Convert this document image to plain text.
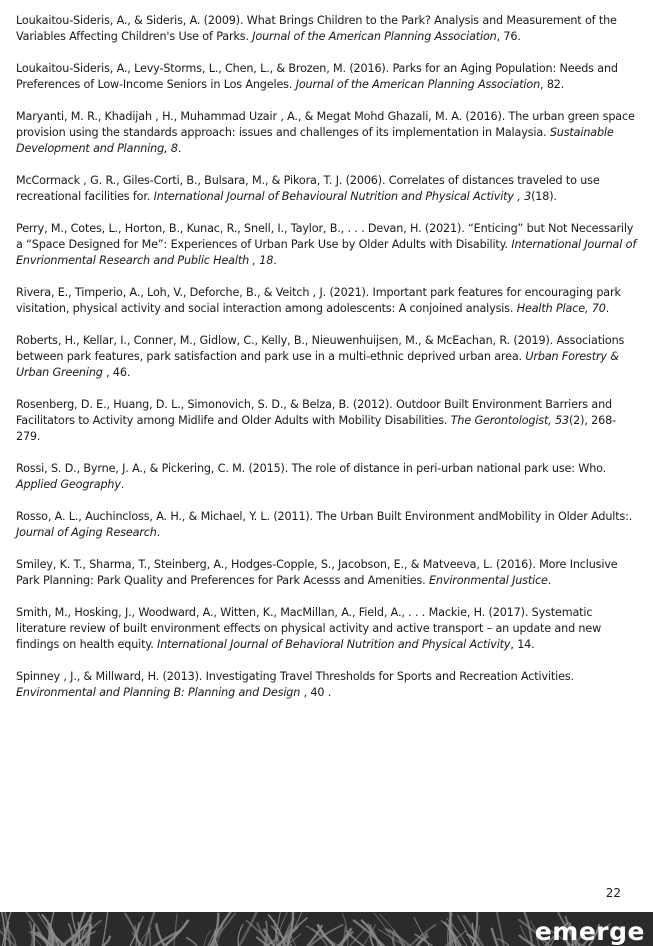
Loukaitou-Sideris, A., & Sideris, A. (2009). What Brings Children to the Park? Analysis and Measurement of the Variables Affecting Children's Use of Parks. Journal of the American Planning Association, 76.

Loukaitou-Sideris, A., Levy-Storms, L., Chen, L., & Brozen, M. (2016). Parks for an Aging Population: Needs and Preferences of Low-Income Seniors in Los Angeles. Journal of the American Planning Association, 82.

Maryanti, M. R., Khadijah , H., Muhammad Uzair , A., & Megat Mohd Ghazali, M. A. (2016). The urban green space provision using the standards approach: issues and challenges of its implementation in Malaysia. Sustainable Development and Planning, 8.

McCormack , G. R., Giles-Corti, B., Bulsara, M., & Pikora, T. J. (2006). Correlates of distances traveled to use recreational facilities for. International Journal of Behavioural Nutrition and Physical Activity , 3(18).

Perry, M., Cotes, L., Horton, B., Kunac, R., Snell, I., Taylor, B., . . . Devan, H. (2021). “Enticing” but Not Necessarily a “Space Designed for Me”: Experiences of Urban Park Use by Older Adults with Disability. International Journal of Envrionmental Research and Public Health , 18.

Rivera, E., Timperio, A., Loh, V., Deforche, B., & Veitch , J. (2021). Important park features for encouraging park visitation, physical activity and social interaction among adolescents: A conjoined analysis. Health Place, 70.

Roberts, H., Kellar, I., Conner, M., Gidlow, C., Kelly, B., Nieuwenhuijsen, M., & McEachan, R. (2019). Associations between park features, park satisfaction and park use in a multi-ethnic deprived urban area. Urban Forestry & Urban Greening , 46.

Rosenberg, D. E., Huang, D. L., Simonovich, S. D., & Belza, B. (2012). Outdoor Built Environment Barriers and Facilitators to Activity among Midlife and Older Adults with Mobility Disabilities. The Gerontologist, 53(2), 268-279.

Rossi, S. D., Byrne, J. A., & Pickering, C. M. (2015). The role of distance in peri-urban national park use: Who. Applied Geography.

Rosso, A. L., Auchincloss, A. H., & Michael, Y. L. (2011). The Urban Built Environment andMobility in Older Adults:. Journal of Aging Research.

Smiley, K. T., Sharma, T., Steinberg, A., Hodges-Copple, S., Jacobson, E., & Matveeva, L. (2016). More Inclusive Park Planning: Park Quality and Preferences for Park Acesss and Amenities. Environmental Justice.

Smith, M., Hosking, J., Woodward, A., Witten, K., MacMillan, A., Field, A., . . . Mackie, H. (2017). Systematic literature review of built environment effects on physical activity and active transport – an update and new findings on health equity. International Journal of Behavioral Nutrition and Physical Activity, 14.

Spinney , J., & Millward, H. (2013). Investigating Travel Thresholds for Sports and Recreation Activities. Environmental and Planning B: Planning and Design , 40 .

22
emerge
